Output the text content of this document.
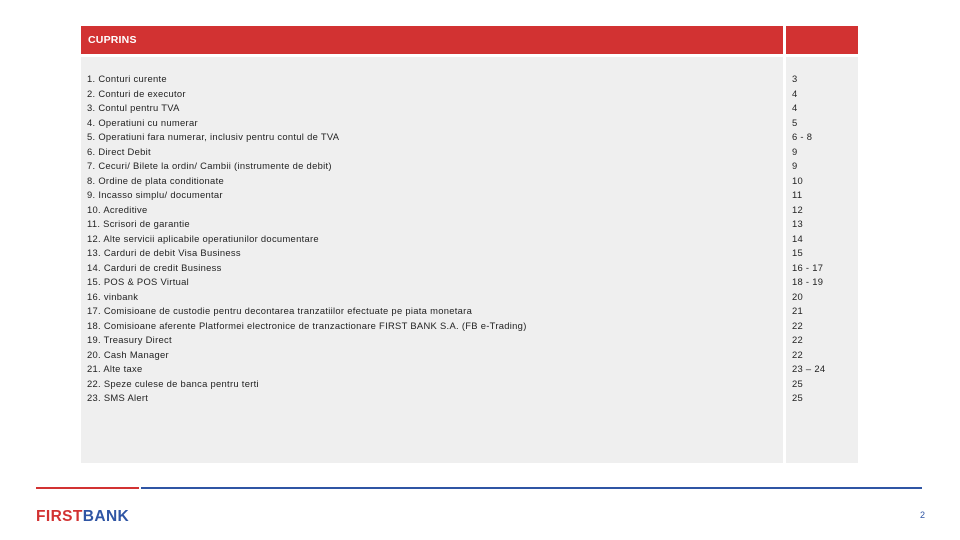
CUPRINS
1. Conturi curente
2. Conturi de executor
3. Contul pentru TVA
4. Operatiuni cu numerar
5. Operatiuni fara numerar, inclusiv pentru contul de TVA
6. Direct Debit
7. Cecuri/ Bilete la ordin/ Cambii (instrumente de debit)
8. Ordine de plata conditionate
9. Incasso simplu/ documentar
10. Acreditive
11. Scrisori de garantie
12. Alte servicii aplicabile operatiunilor documentare
13. Carduri de debit Visa Business
14. Carduri de credit Business
15. POS & POS Virtual
16. vinbank
17. Comisioane de custodie pentru decontarea tranzatiilor efectuate pe piata monetara
18. Comisioane aferente Platformei electronice de tranzactionare FIRST BANK S.A. (FB e-Trading)
19. Treasury Direct
20. Cash Manager
21. Alte taxe
22. Speze culese de banca pentru terti
23. SMS Alert
3
4
4
5
6 - 8
9
9
10
11
12
13
14
15
16 - 17
18 - 19
20
21
22
22
22
23 – 24
25
25
FIRSTBANK	2
